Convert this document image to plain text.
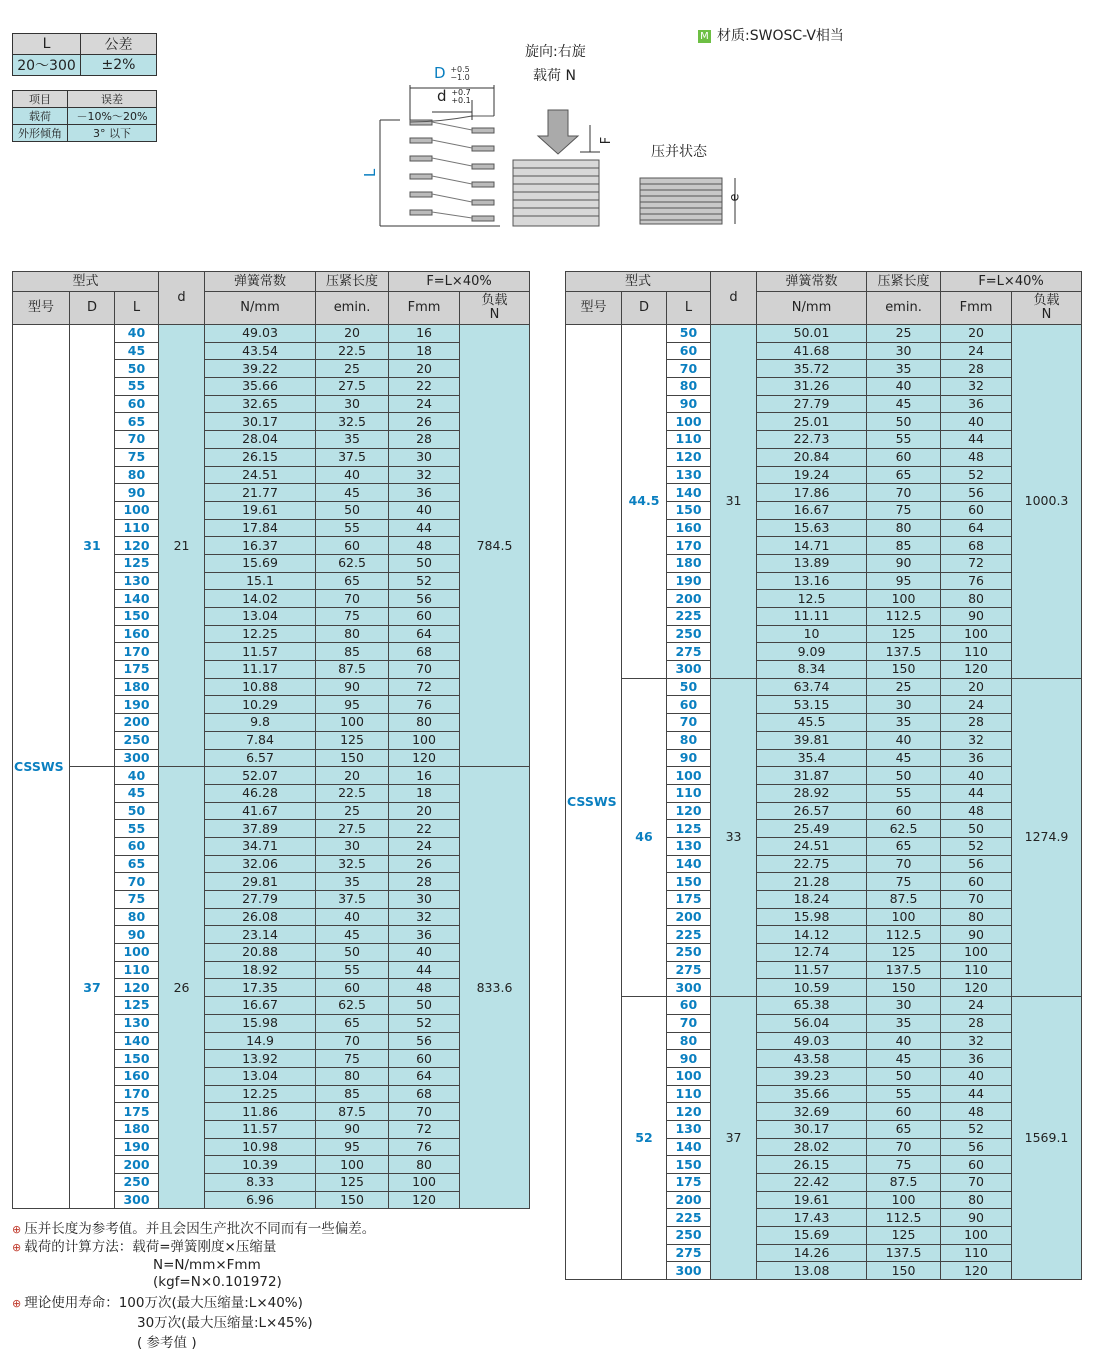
L	公差
20～300	±2%
项目	误差
载荷	－10%～20%
外形倾角	3° 以下
M 材质:SWOSC-V相当
旋向:右旋
载荷 N
D +0.5
−1.0
d +0.7
+0.1
F
L
e
压并状态
型式			d	弹簧常数	压紧长度	F=L×40%	
型号	D	L		N/mm	emin.	Fmm	负载
N
CSSWS	31	40	21	49.03	20	16	784.5
		45		43.54	22.5	18	
		50		39.22	25	20	
		55		35.66	27.5	22	
		60		32.65	30	24	
		65		30.17	32.5	26	
		70		28.04	35	28	
		75		26.15	37.5	30	
		80		24.51	40	32	
		90		21.77	45	36	
		100		19.61	50	40	
		110		17.84	55	44	
		120		16.37	60	48	
		125		15.69	62.5	50	
		130		15.1	65	52	
		140		14.02	70	56	
		150		13.04	75	60	
		160		12.25	80	64	
		170		11.57	85	68	
		175		11.17	87.5	70	
		180		10.88	90	72	
		190		10.29	95	76	
		200		9.8	100	80	
		250		7.84	125	100	
		300		6.57	150	120	
	37	40	26	52.07	20	16	833.6
		45		46.28	22.5	18	
		50		41.67	25	20	
		55		37.89	27.5	22	
		60		34.71	30	24	
		65		32.06	32.5	26	
		70		29.81	35	28	
		75		27.79	37.5	30	
		80		26.08	40	32	
		90		23.14	45	36	
		100		20.88	50	40	
		110		18.92	55	44	
		120		17.35	60	48	
		125		16.67	62.5	50	
		130		15.98	65	52	
		140		14.9	70	56	
		150		13.92	75	60	
		160		13.04	80	64	
		170		12.25	85	68	
		175		11.86	87.5	70	
		180		11.57	90	72	
		190		10.98	95	76	
		200		10.39	100	80	
		250		8.33	125	100	
		300		6.96	150	120	
型式			d	弹簧常数	压紧长度	F=L×40%	
型号	D	L		N/mm	emin.	Fmm	负载
N
CSSWS	44.5	50	31	50.01	25	20	1000.3
		60		41.68	30	24	
		70		35.72	35	28	
		80		31.26	40	32	
		90		27.79	45	36	
		100		25.01	50	40	
		110		22.73	55	44	
		120		20.84	60	48	
		130		19.24	65	52	
		140		17.86	70	56	
		150		16.67	75	60	
		160		15.63	80	64	
		170		14.71	85	68	
		180		13.89	90	72	
		190		13.16	95	76	
		200		12.5	100	80	
		225		11.11	112.5	90	
		250		10	125	100	
		275		9.09	137.5	110	
		300		8.34	150	120	
	46	50	33	63.74	25	20	1274.9
		60		53.15	30	24	
		70		45.5	35	28	
		80		39.81	40	32	
		90		35.4	45	36	
		100		31.87	50	40	
		110		28.92	55	44	
		120		26.57	60	48	
		125		25.49	62.5	50	
		130		24.51	65	52	
		140		22.75	70	56	
		150		21.28	75	60	
		175		18.24	87.5	70	
		200		15.98	100	80	
		225		14.12	112.5	90	
		250		12.74	125	100	
		275		11.57	137.5	110	
		300		10.59	150	120	
	52	60	37	65.38	30	24	1569.1
		70		56.04	35	28	
		80		49.03	40	32	
		90		43.58	45	36	
		100		39.23	50	40	
		110		35.66	55	44	
		120		32.69	60	48	
		130		30.17	65	52	
		140		28.02	70	56	
		150		26.15	75	60	
		175		22.42	87.5	70	
		200		19.61	100	80	
		225		17.43	112.5	90	
		250		15.69	125	100	
		275		14.26	137.5	110	
		300		13.08	150	120	
⊕ 压并长度为参考值。并且会因生产批次不同而有一些偏差。
⊕ 载荷的计算方法：载荷=弹簧刚度×压缩量
N=N/mm×Fmm
(kgf=N×0.101972)
⊕ 理论使用寿命：100万次(最大压缩量:L×40%)
30万次(最大压缩量:L×45%)
( 参考值 )
